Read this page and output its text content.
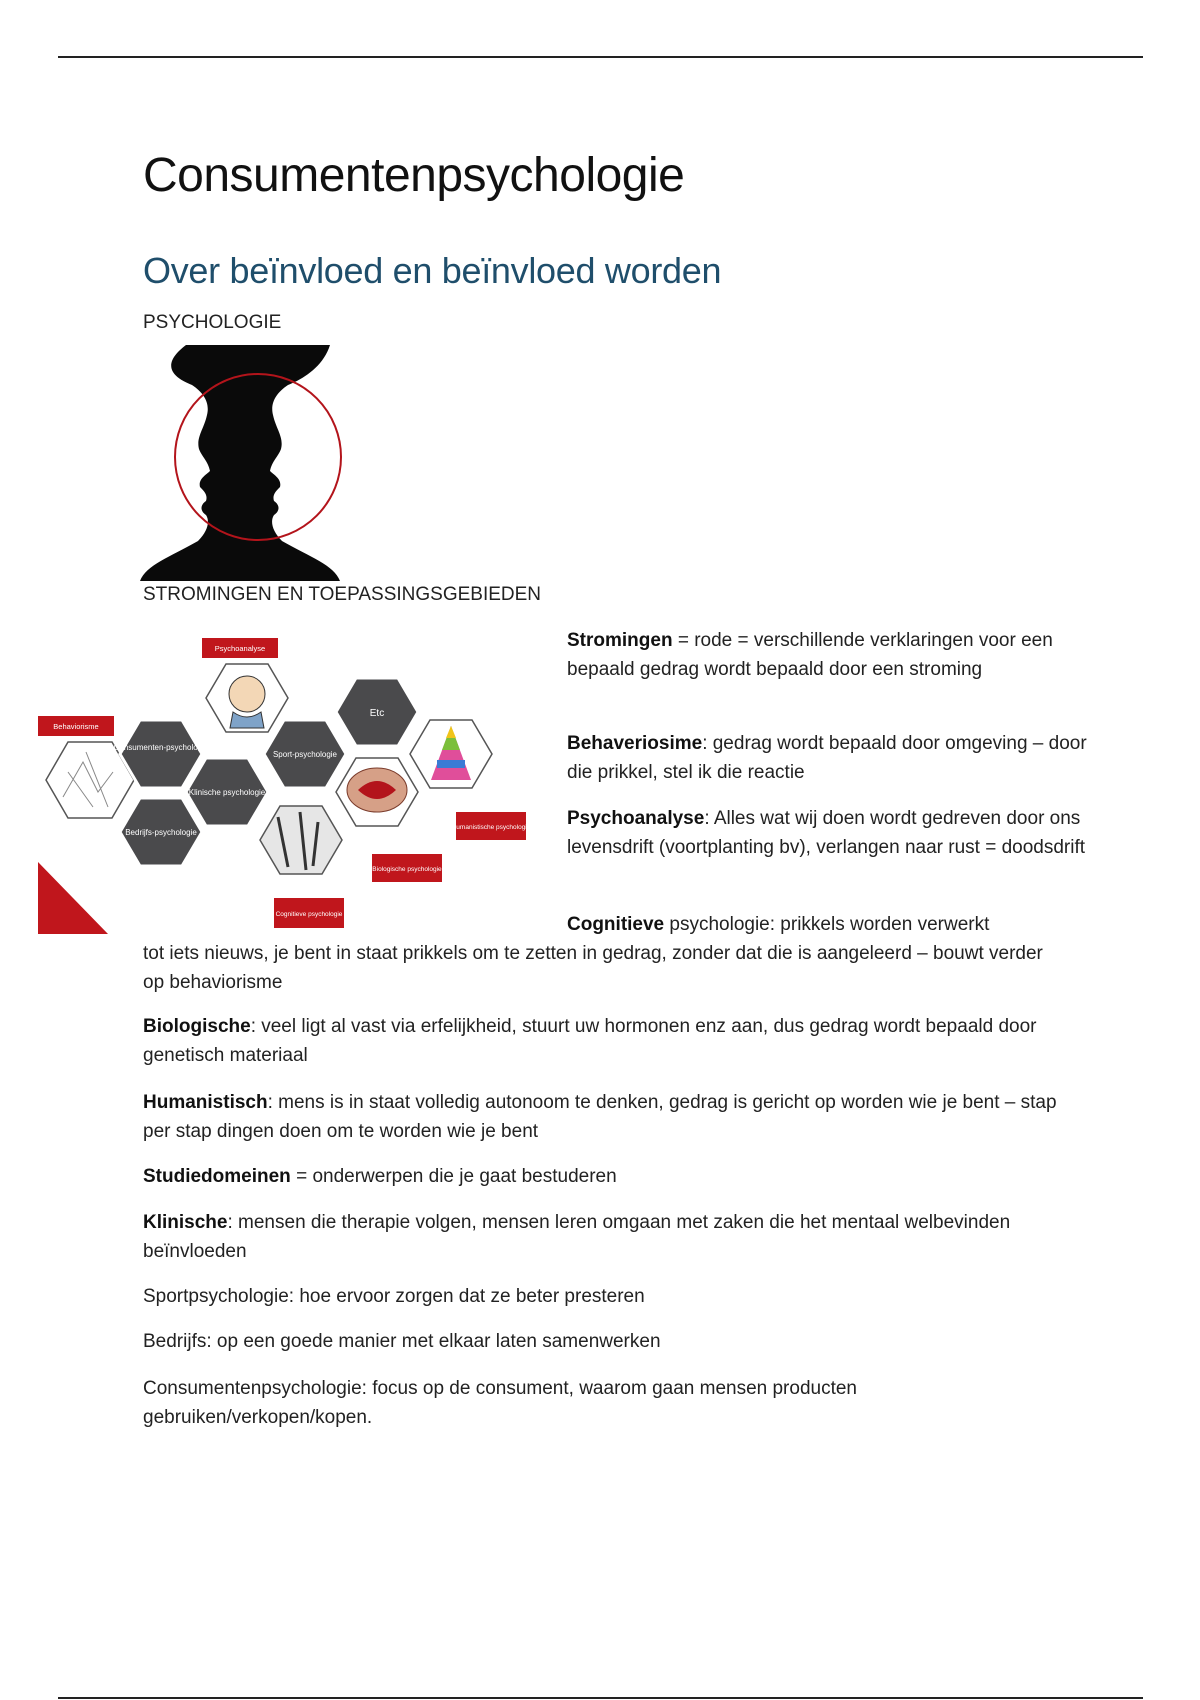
Consumentenpsychologie
Over beïnvloed en beïnvloed worden
PSYCHOLOGIE
STROMINGEN EN TOEPASSINGSGEBIEDEN
Consumenten-psychologie
Klinische psychologie
Bedrijfs-psychologie
Sport-psychologie
Etc
Psychoanalyse
Behaviorisme
Humanistische psychologie
Biologische psychologie
Cognitieve psychologie
Stromingen = rode = verschillende verklaringen voor een bepaald gedrag wordt bepaald door een stroming
Behaveriosime: gedrag wordt bepaald door omgeving – door die prikkel, stel ik die reactie
Psychoanalyse: Alles wat wij doen wordt gedreven door ons levensdrift (voortplanting bv), verlangen naar rust = doodsdrift
Cognitieve psychologie: prikkels worden verwerkt
tot iets nieuws, je bent in staat prikkels om te zetten in gedrag, zonder dat die is aangeleerd – bouwt verder op behaviorisme
Biologische: veel ligt al vast via erfelijkheid, stuurt uw hormonen enz aan, dus gedrag wordt bepaald door genetisch materiaal
Humanistisch: mens is in staat volledig autonoom te denken, gedrag is gericht op worden wie je bent – stap per stap dingen doen om te worden wie je bent
Studiedomeinen = onderwerpen die je gaat bestuderen
Klinische: mensen die therapie volgen, mensen leren omgaan met zaken die het mentaal welbevinden beïnvloeden
Sportpsychologie: hoe ervoor zorgen dat ze beter presteren
Bedrijfs: op een goede manier met elkaar laten samenwerken
Consumentenpsychologie: focus op de consument, waarom gaan mensen producten gebruiken/verkopen/kopen.
